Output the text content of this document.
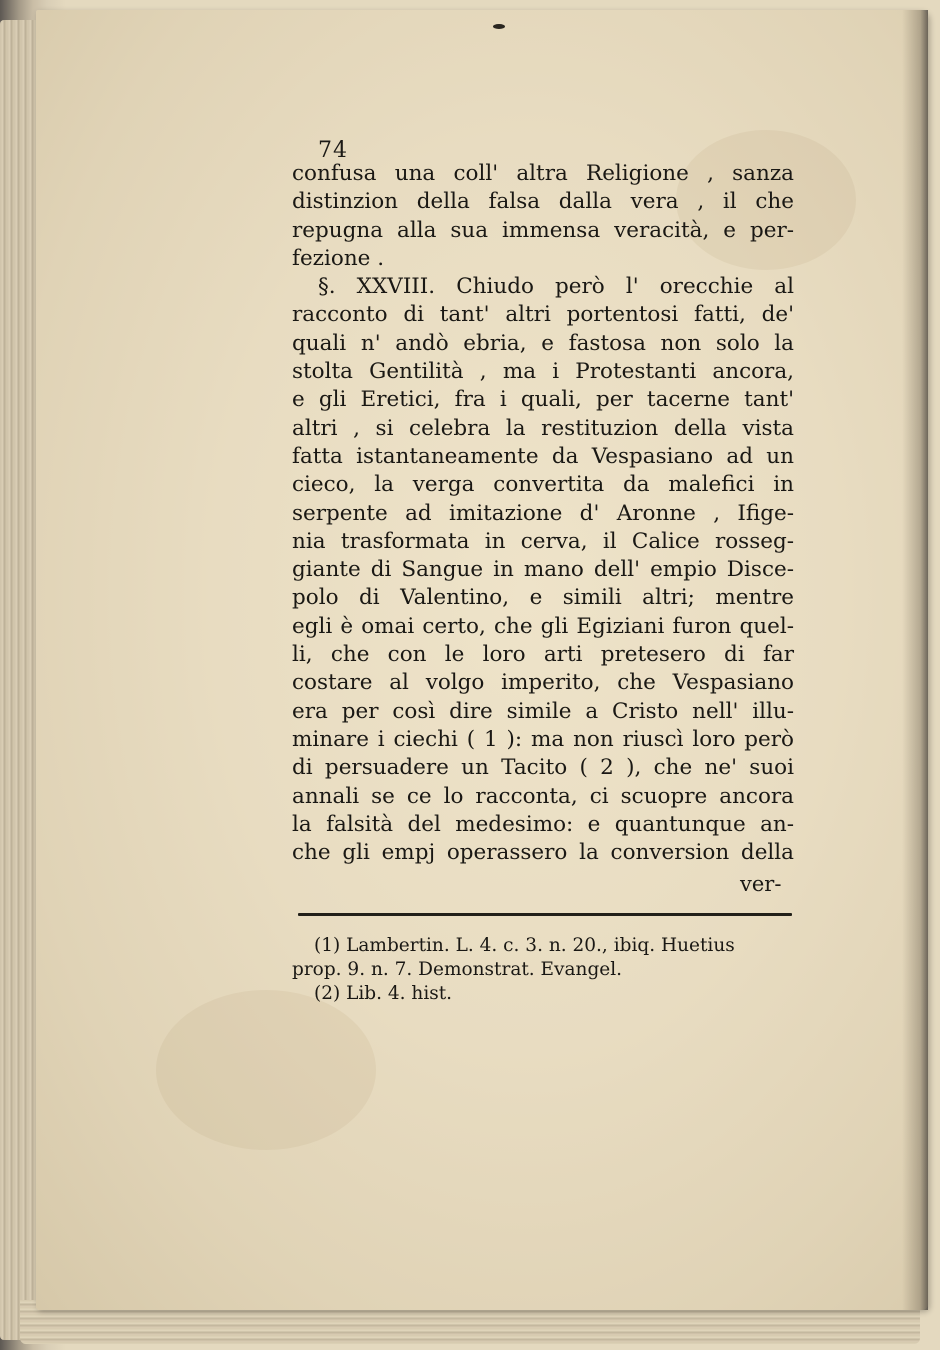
74
confusa una coll' altra Religione , sanza
distinzion della falsa dalla vera , il che
repugna alla sua immensa veracità, e per-
fezione .
§. XXVIII. Chiudo però l' orecchie al
racconto di tant' altri portentosi fatti, de'
quali n' andò ebria, e fastosa non solo la
stolta Gentilità , ma i Protestanti ancora,
e gli Eretici, fra i quali, per tacerne tant'
altri , si celebra la restituzion della vista
fatta istantaneamente da Vespasiano ad un
cieco, la verga convertita da malefici in
serpente ad imitazione d' Aronne , Ifige-
nia trasformata in cerva, il Calice rosseg-
giante di Sangue in mano dell' empio Disce-
polo di Valentino, e simili altri; mentre
egli è omai certo, che gli Egiziani furon quel-
li, che con le loro arti pretesero di far
costare al volgo imperito, che Vespasiano
era per così dire simile a Cristo nell' illu-
minare i ciechi ( 1 ): ma non riuscì loro però
di persuadere un Tacito ( 2 ), che ne' suoi
annali se ce lo racconta, ci scuopre ancora
la falsità del medesimo: e quantunque an-
che gli empj operassero la conversion della
ver-
(1) Lambertin. L. 4. c. 3. n. 20., ibiq. Huetius
prop. 9. n. 7. Demonstrat. Evangel.
(2) Lib. 4. hist.
